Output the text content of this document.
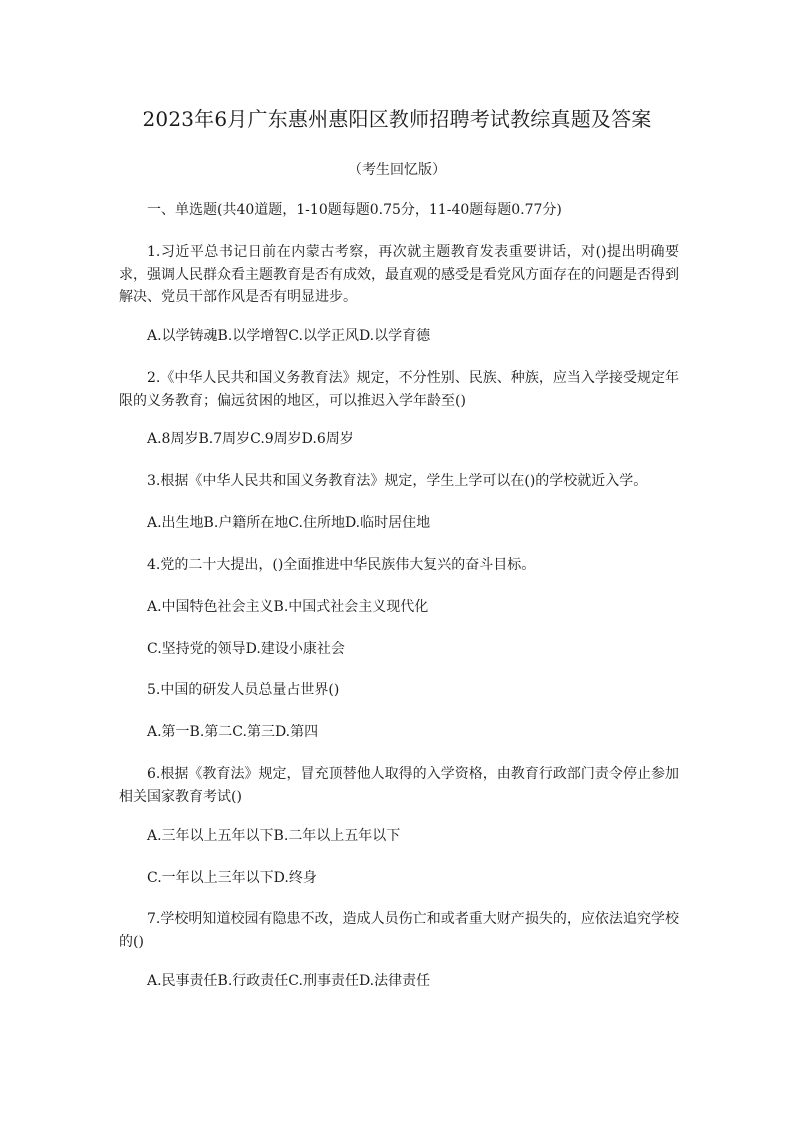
2023年6月广东惠州惠阳区教师招聘考试教综真题及答案
（考生回忆版）

一、单选题(共40道题，1-10题每题0.75分，11-40题每题0.77分)

1.习近平总书记日前在内蒙古考察，再次就主题教育发表重要讲话，对()提出明确要求，强调人民群众看主题教育是否有成效，最直观的感受是看党风方面存在的问题是否得到解决、党员干部作风是否有明显进步。

A.以学铸魂B.以学增智C.以学正风D.以学育德

2.《中华人民共和国义务教育法》规定，不分性别、民族、种族，应当入学接受规定年限的义务教育；偏远贫困的地区，可以推迟入学年龄至()

A.8周岁B.7周岁C.9周岁D.6周岁

3.根据《中华人民共和国义务教育法》规定，学生上学可以在()的学校就近入学。

A.出生地B.户籍所在地C.住所地D.临时居住地

4.党的二十大提出，()全面推进中华民族伟大复兴的奋斗目标。

A.中国特色社会主义B.中国式社会主义现代化

C.坚持党的领导D.建设小康社会

5.中国的研发人员总量占世界()

A.第一B.第二C.第三D.第四

6.根据《教育法》规定，冒充顶替他人取得的入学资格，由教育行政部门责令停止参加相关国家教育考试()

A.三年以上五年以下B.二年以上五年以下

C.一年以上三年以下D.终身

7.学校明知道校园有隐患不改，造成人员伤亡和或者重大财产损失的，应依法追究学校的()

A.民事责任B.行政责任C.刑事责任D.法律责任
